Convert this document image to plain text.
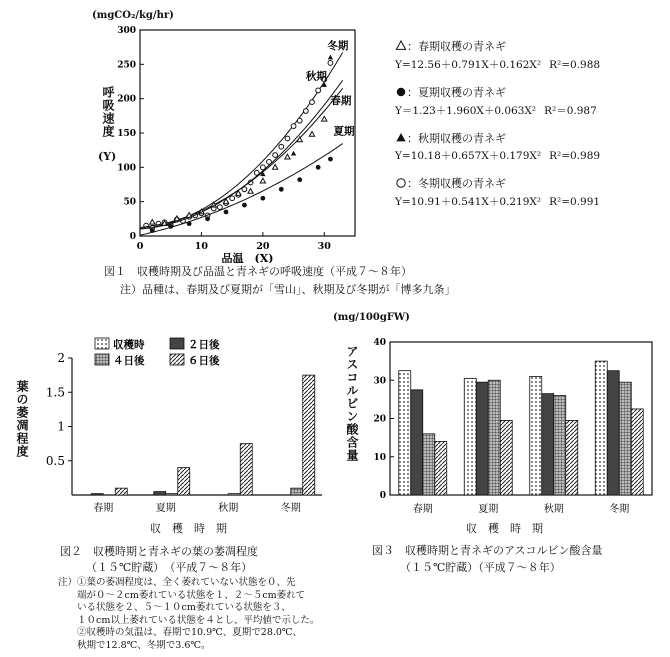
0
50
100
150
200
250
300
0	10	20	30
品温　(X)
冬期
秋期
春期
夏期
呼吸速度
(Y)
(mgCO₂/kg/hr)
：春期収穫の青ネギ
Y=12.56＋0.791X＋0.162X² R²=0.988
：夏期収穫の青ネギ
Y＝1.23＋1.960X＋0.063X² R²＝0.987
：秋期収穫の青ネギ
Y=10.18＋0.657X＋0.179X² R²=0.989
：冬期収穫の青ネギ
Y=10.91＋0.541X＋0.219X² R²=0.991
図１　収穫時期及び品温と青ネギの呼吸速度（平成７〜８年）
注）品種は、春期及び夏期が「雪山」、秋期及び冬期が「博多九条」
2
1.5
1
0.5
春期	夏期	秋期	冬期
収穫時	２日後
４日後	６日後
葉の萎凋程度
収　穫　時　期
図２　収穫時期と青ネギの葉の萎凋程度
（１５℃貯蔵）　（平成７〜８年）
注）①葉の萎凋程度は、全く萎れていない状態を０、先
　　端が０〜２cm萎れている状態を１、２〜５cm萎れて
　　いる状態を２、５〜１０cm萎れている状態を３、
　　１０cm以上萎れている状態を４とし、平均値で示した。
　　②収穫時の気温は、春期で10.9℃、夏期で28.0℃、
　　秋期で12.8℃、冬期で3.6℃。
0
10
20
30
40
春期	夏期	秋期	冬期
(mg/100gFW)
アスコルビン酸含量
収　穫　時　期
図３　収穫時期と青ネギのアスコルビン酸含量
（１５℃貯蔵）（平成７〜８年）
